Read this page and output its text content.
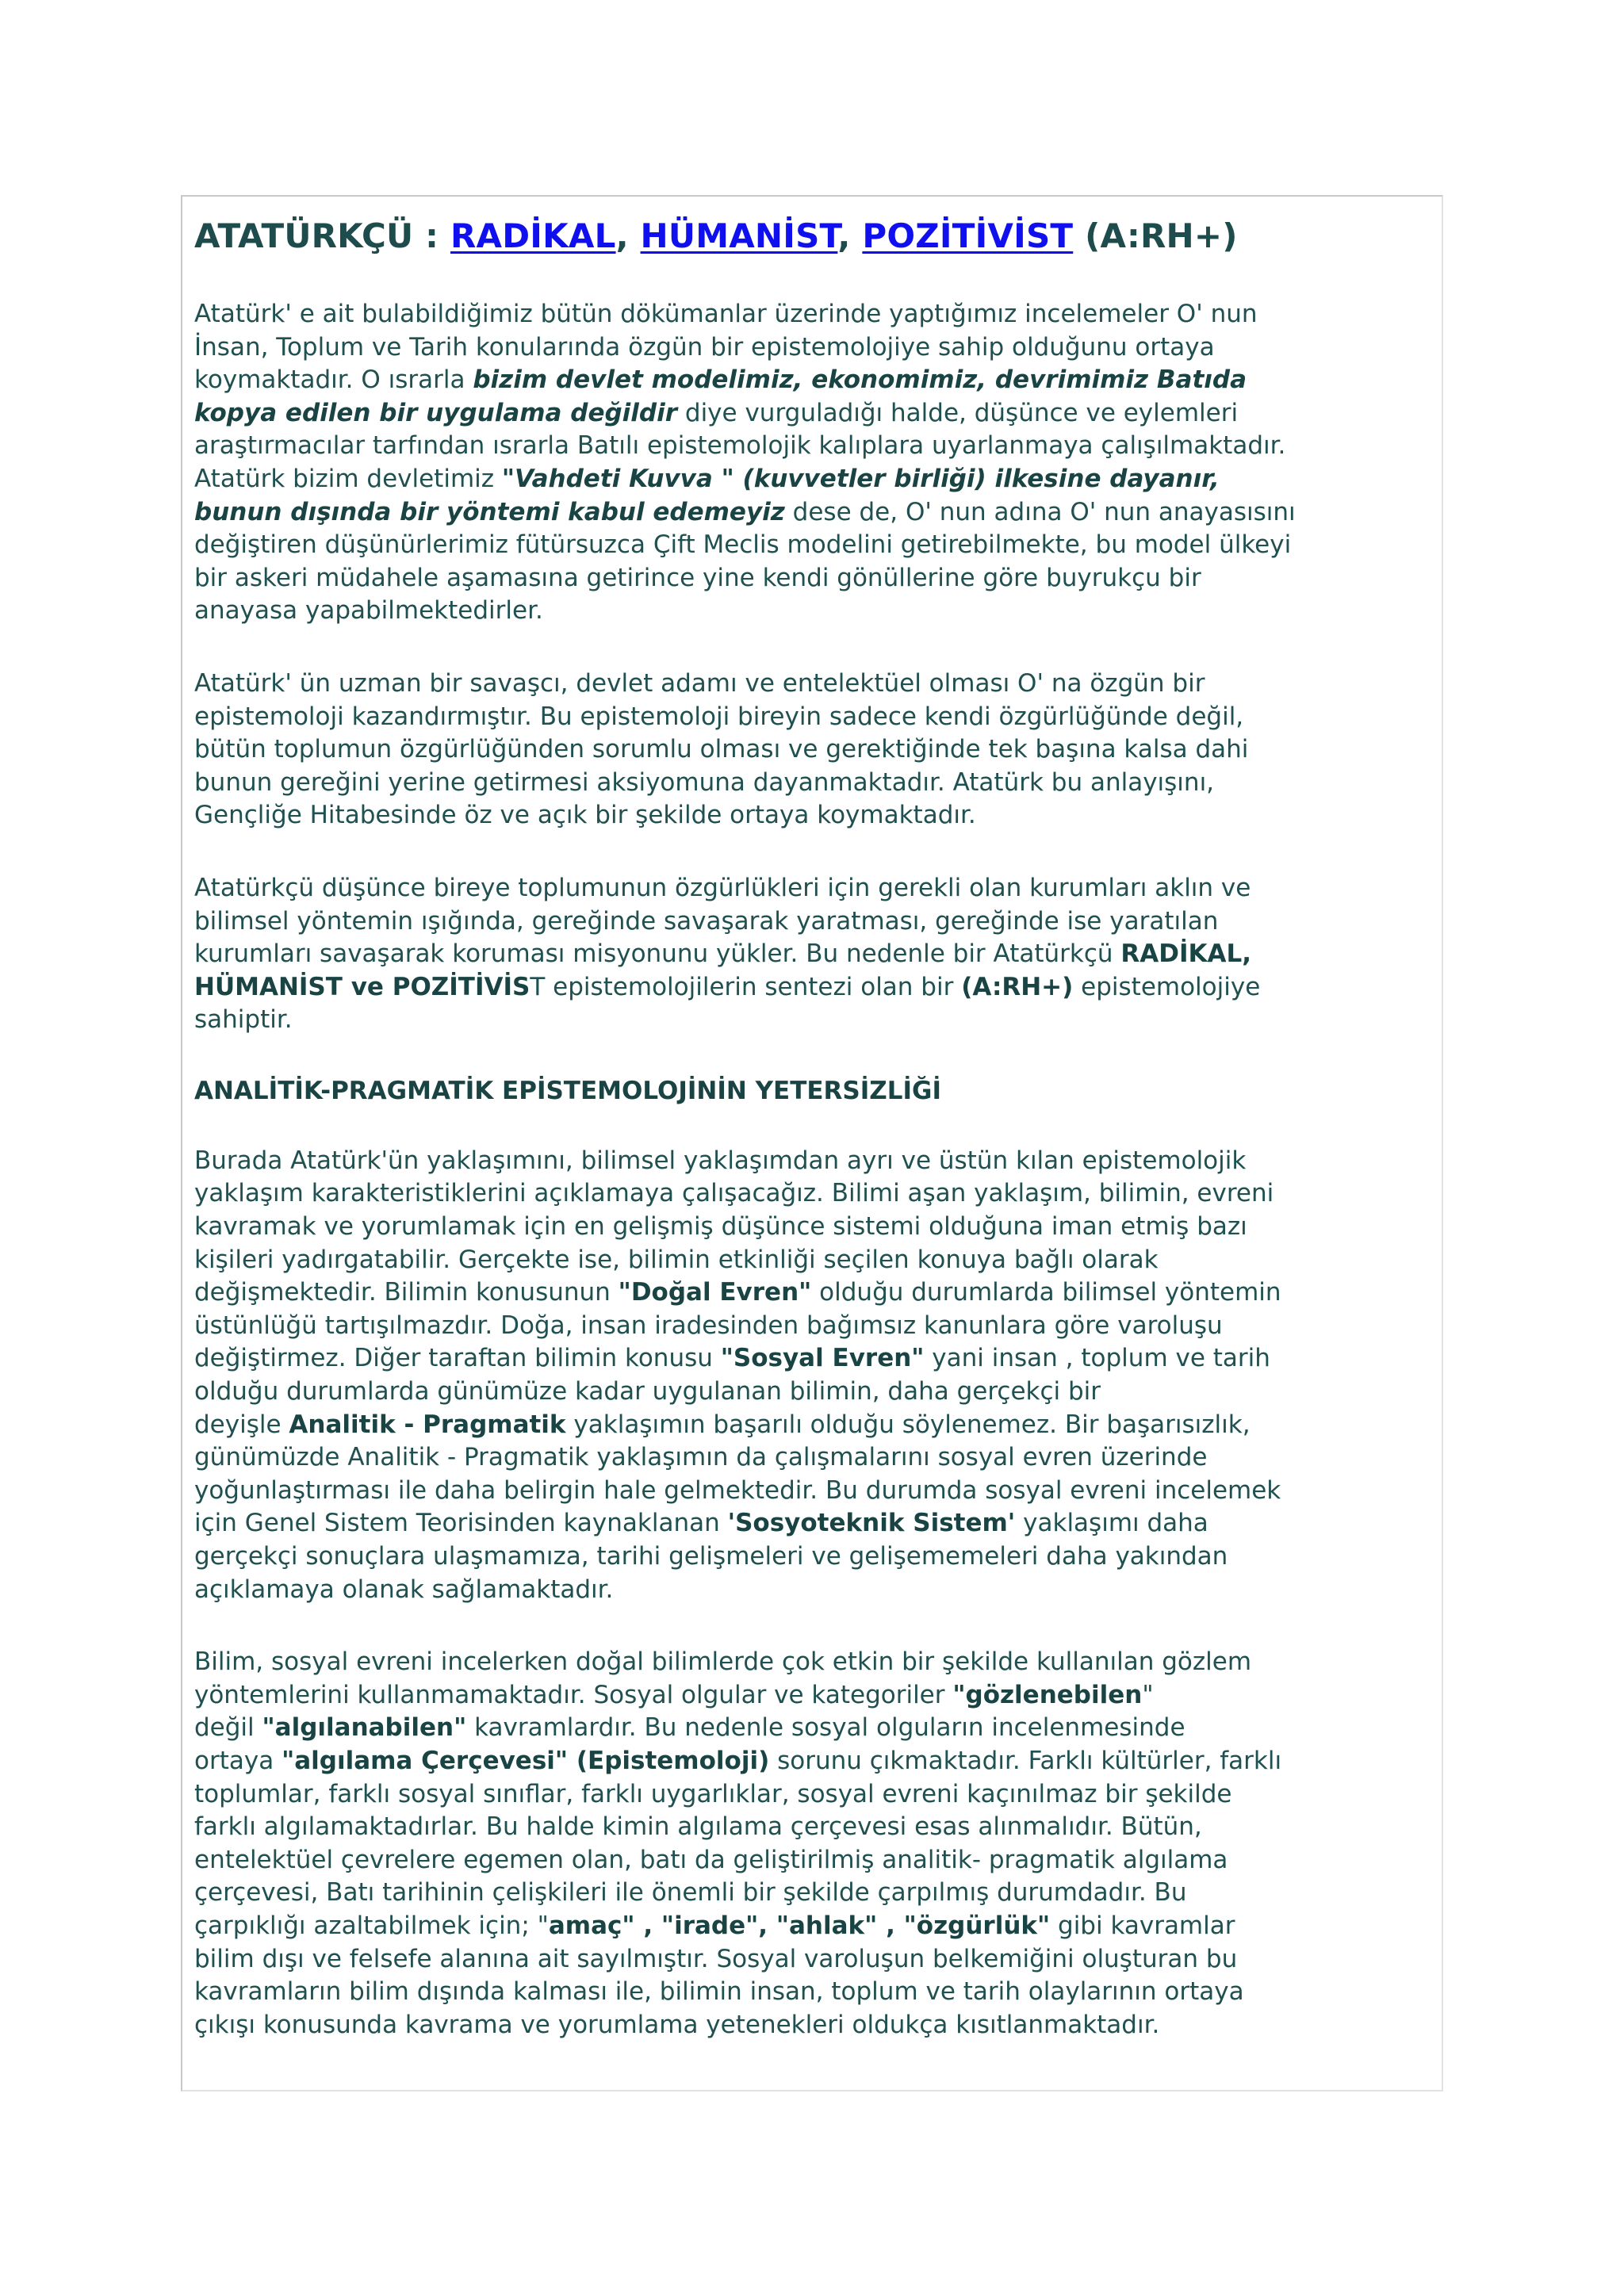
ATATÜRKÇÜ : RADİKAL, HÜMANİST, POZİTİVİST (A:RH+)

Atatürk' e ait bulabildiğimiz bütün dökümanlar üzerinde yaptığımız incelemeler O' nun
İnsan, Toplum ve Tarih konularında özgün bir epistemolojiye sahip olduğunu ortaya
koymaktadır. O ısrarla bizim devlet modelimiz, ekonomimiz, devrimimiz Batıda
kopya edilen bir uygulama değildir diye vurguladığı halde, düşünce ve eylemleri
araştırmacılar tarfından ısrarla Batılı epistemolojik kalıplara uyarlanmaya çalışılmaktadır.
Atatürk bizim devletimiz "Vahdeti Kuvva " (kuvvetler birliği) ilkesine dayanır,
bunun dışında bir yöntemi kabul edemeyiz dese de, O' nun adına O' nun anayasısını
değiştiren düşünürlerimiz fütürsuzca Çift Meclis modelini getirebilmekte, bu model ülkeyi
bir askeri müdahele aşamasına getirince yine kendi gönüllerine göre buyrukçu bir
anayasa yapabilmektedirler.

Atatürk' ün uzman bir savaşcı, devlet adamı ve entelektüel olması O' na özgün bir
epistemoloji kazandırmıştır. Bu epistemoloji bireyin sadece kendi özgürlüğünde değil,
bütün toplumun özgürlüğünden sorumlu olması ve gerektiğinde tek başına kalsa dahi
bunun gereğini yerine getirmesi aksiyomuna dayanmaktadır. Atatürk bu anlayışını,
Gençliğe Hitabesinde öz ve açık bir şekilde ortaya koymaktadır.

Atatürkçü düşünce bireye toplumunun özgürlükleri için gerekli olan kurumları aklın ve
bilimsel yöntemin ışığında, gereğinde savaşarak yaratması, gereğinde ise yaratılan
kurumları savaşarak koruması misyonunu yükler. Bu nedenle bir Atatürkçü RADİKAL,
HÜMANİST ve POZİTİVİST epistemolojilerin sentezi olan bir (A:RH+) epistemolojiye
sahiptir.

ANALİTİK-PRAGMATİK EPİSTEMOLOJİNİN YETERSİZLİĞİ

Burada Atatürk'ün yaklaşımını, bilimsel yaklaşımdan ayrı ve üstün kılan epistemolojik
yaklaşım karakteristiklerini açıklamaya çalışacağız. Bilimi aşan yaklaşım, bilimin, evreni
kavramak ve yorumlamak için en gelişmiş düşünce sistemi olduğuna iman etmiş bazı
kişileri yadırgatabilir. Gerçekte ise, bilimin etkinliği seçilen konuya bağlı olarak
değişmektedir. Bilimin konusunun "Doğal Evren" olduğu durumlarda bilimsel yöntemin
üstünlüğü tartışılmazdır. Doğa, insan iradesinden bağımsız kanunlara göre varoluşu
değiştirmez. Diğer taraftan bilimin konusu "Sosyal Evren" yani insan , toplum ve tarih
olduğu durumlarda günümüze kadar uygulanan bilimin, daha gerçekçi bir
deyişle Analitik - Pragmatik yaklaşımın başarılı olduğu söylenemez. Bir başarısızlık,
günümüzde Analitik - Pragmatik yaklaşımın da çalışmalarını sosyal evren üzerinde
yoğunlaştırması ile daha belirgin hale gelmektedir. Bu durumda sosyal evreni incelemek
için Genel Sistem Teorisinden kaynaklanan 'Sosyoteknik Sistem' yaklaşımı daha
gerçekçi sonuçlara ulaşmamıza, tarihi gelişmeleri ve gelişememeleri daha yakından
açıklamaya olanak sağlamaktadır.

Bilim, sosyal evreni incelerken doğal bilimlerde çok etkin bir şekilde kullanılan gözlem
yöntemlerini kullanmamaktadır. Sosyal olgular ve kategoriler "gözlenebilen"
değil "algılanabilen" kavramlardır. Bu nedenle sosyal olguların incelenmesinde
ortaya "algılama Çerçevesi" (Epistemoloji) sorunu çıkmaktadır. Farklı kültürler, farklı
toplumlar, farklı sosyal sınıflar, farklı uygarlıklar, sosyal evreni kaçınılmaz bir şekilde
farklı algılamaktadırlar. Bu halde kimin algılama çerçevesi esas alınmalıdır. Bütün,
entelektüel çevrelere egemen olan, batı da geliştirilmiş analitik- pragmatik algılama
çerçevesi, Batı tarihinin çelişkileri ile önemli bir şekilde çarpılmış durumdadır. Bu
çarpıklığı azaltabilmek için; "amaç" , "irade", "ahlak" , "özgürlük" gibi kavramlar
bilim dışı ve felsefe alanına ait sayılmıştır. Sosyal varoluşun belkemiğini oluşturan bu
kavramların bilim dışında kalması ile, bilimin insan, toplum ve tarih olaylarının ortaya
çıkışı konusunda kavrama ve yorumlama yetenekleri oldukça kısıtlanmaktadır.
